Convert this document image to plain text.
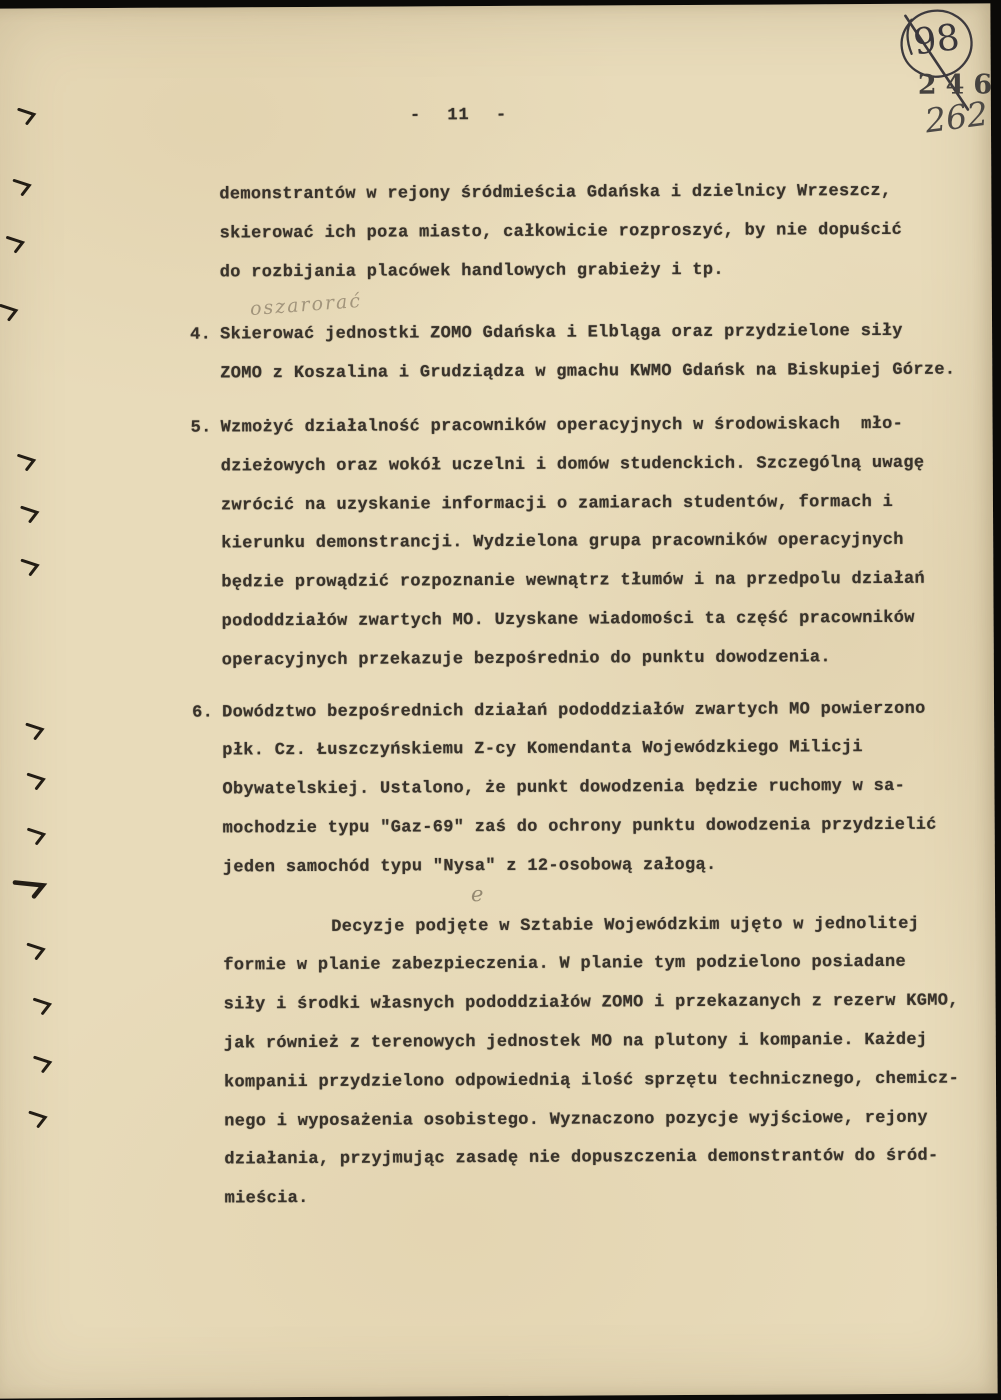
- 11 -
98
246
262
oszarorać
e
demonstrantów w rejony śródmieścia Gdańska i dzielnicy Wrzeszcz,
skierować ich poza miasto, całkowicie rozproszyć, by nie dopuścić
do rozbijania placówek handlowych grabieży i tp.
4. Skierować jednostki ZOMO Gdańska i Elbląga oraz przydzielone siły
ZOMO z Koszalina i Grudziądza w gmachu KWMO Gdańsk na Biskupiej Górze.
5. Wzmożyć działalność pracowników operacyjnych w środowiskach  mło-
dzieżowych oraz wokół uczelni i domów studenckich. Szczególną uwagę
zwrócić na uzyskanie informacji o zamiarach studentów, formach i
kierunku demonstrancji. Wydzielona grupa pracowników operacyjnych
będzie prowądzić rozpoznanie wewnątrz tłumów i na przedpolu działań
pododdziałów zwartych MO. Uzyskane wiadomości ta część pracowników
operacyjnych przekazuje bezpośrednio do punktu dowodzenia.
6. Dowództwo bezpośrednich działań pododdziałów zwartych MO powierzono
płk. Cz. Łuszczyńskiemu Z-cy Komendanta Wojewódzkiego Milicji
Obywatelskiej. Ustalono, że punkt dowodzenia będzie ruchomy w sa-
mochodzie typu "Gaz-69" zaś do ochrony punktu dowodzenia przydzielić
jeden samochód typu "Nysa" z 12-osobową załogą.
Decyzje podjęte w Sztabie Wojewódzkim ujęto w jednolitej
formie w planie zabezpieczenia. W planie tym podzielono posiadane
siły i środki własnych pododdziałów ZOMO i przekazanych z rezerw KGMO,
jak również z terenowych jednostek MO na plutony i kompanie. Każdej
kompanii przydzielono odpowiednią ilość sprzętu technicznego, chemicz-
nego i wyposażenia osobistego. Wyznaczono pozycje wyjściowe, rejony
działania, przyjmując zasadę nie dopuszczenia demonstrantów do śród-
mieścia.
